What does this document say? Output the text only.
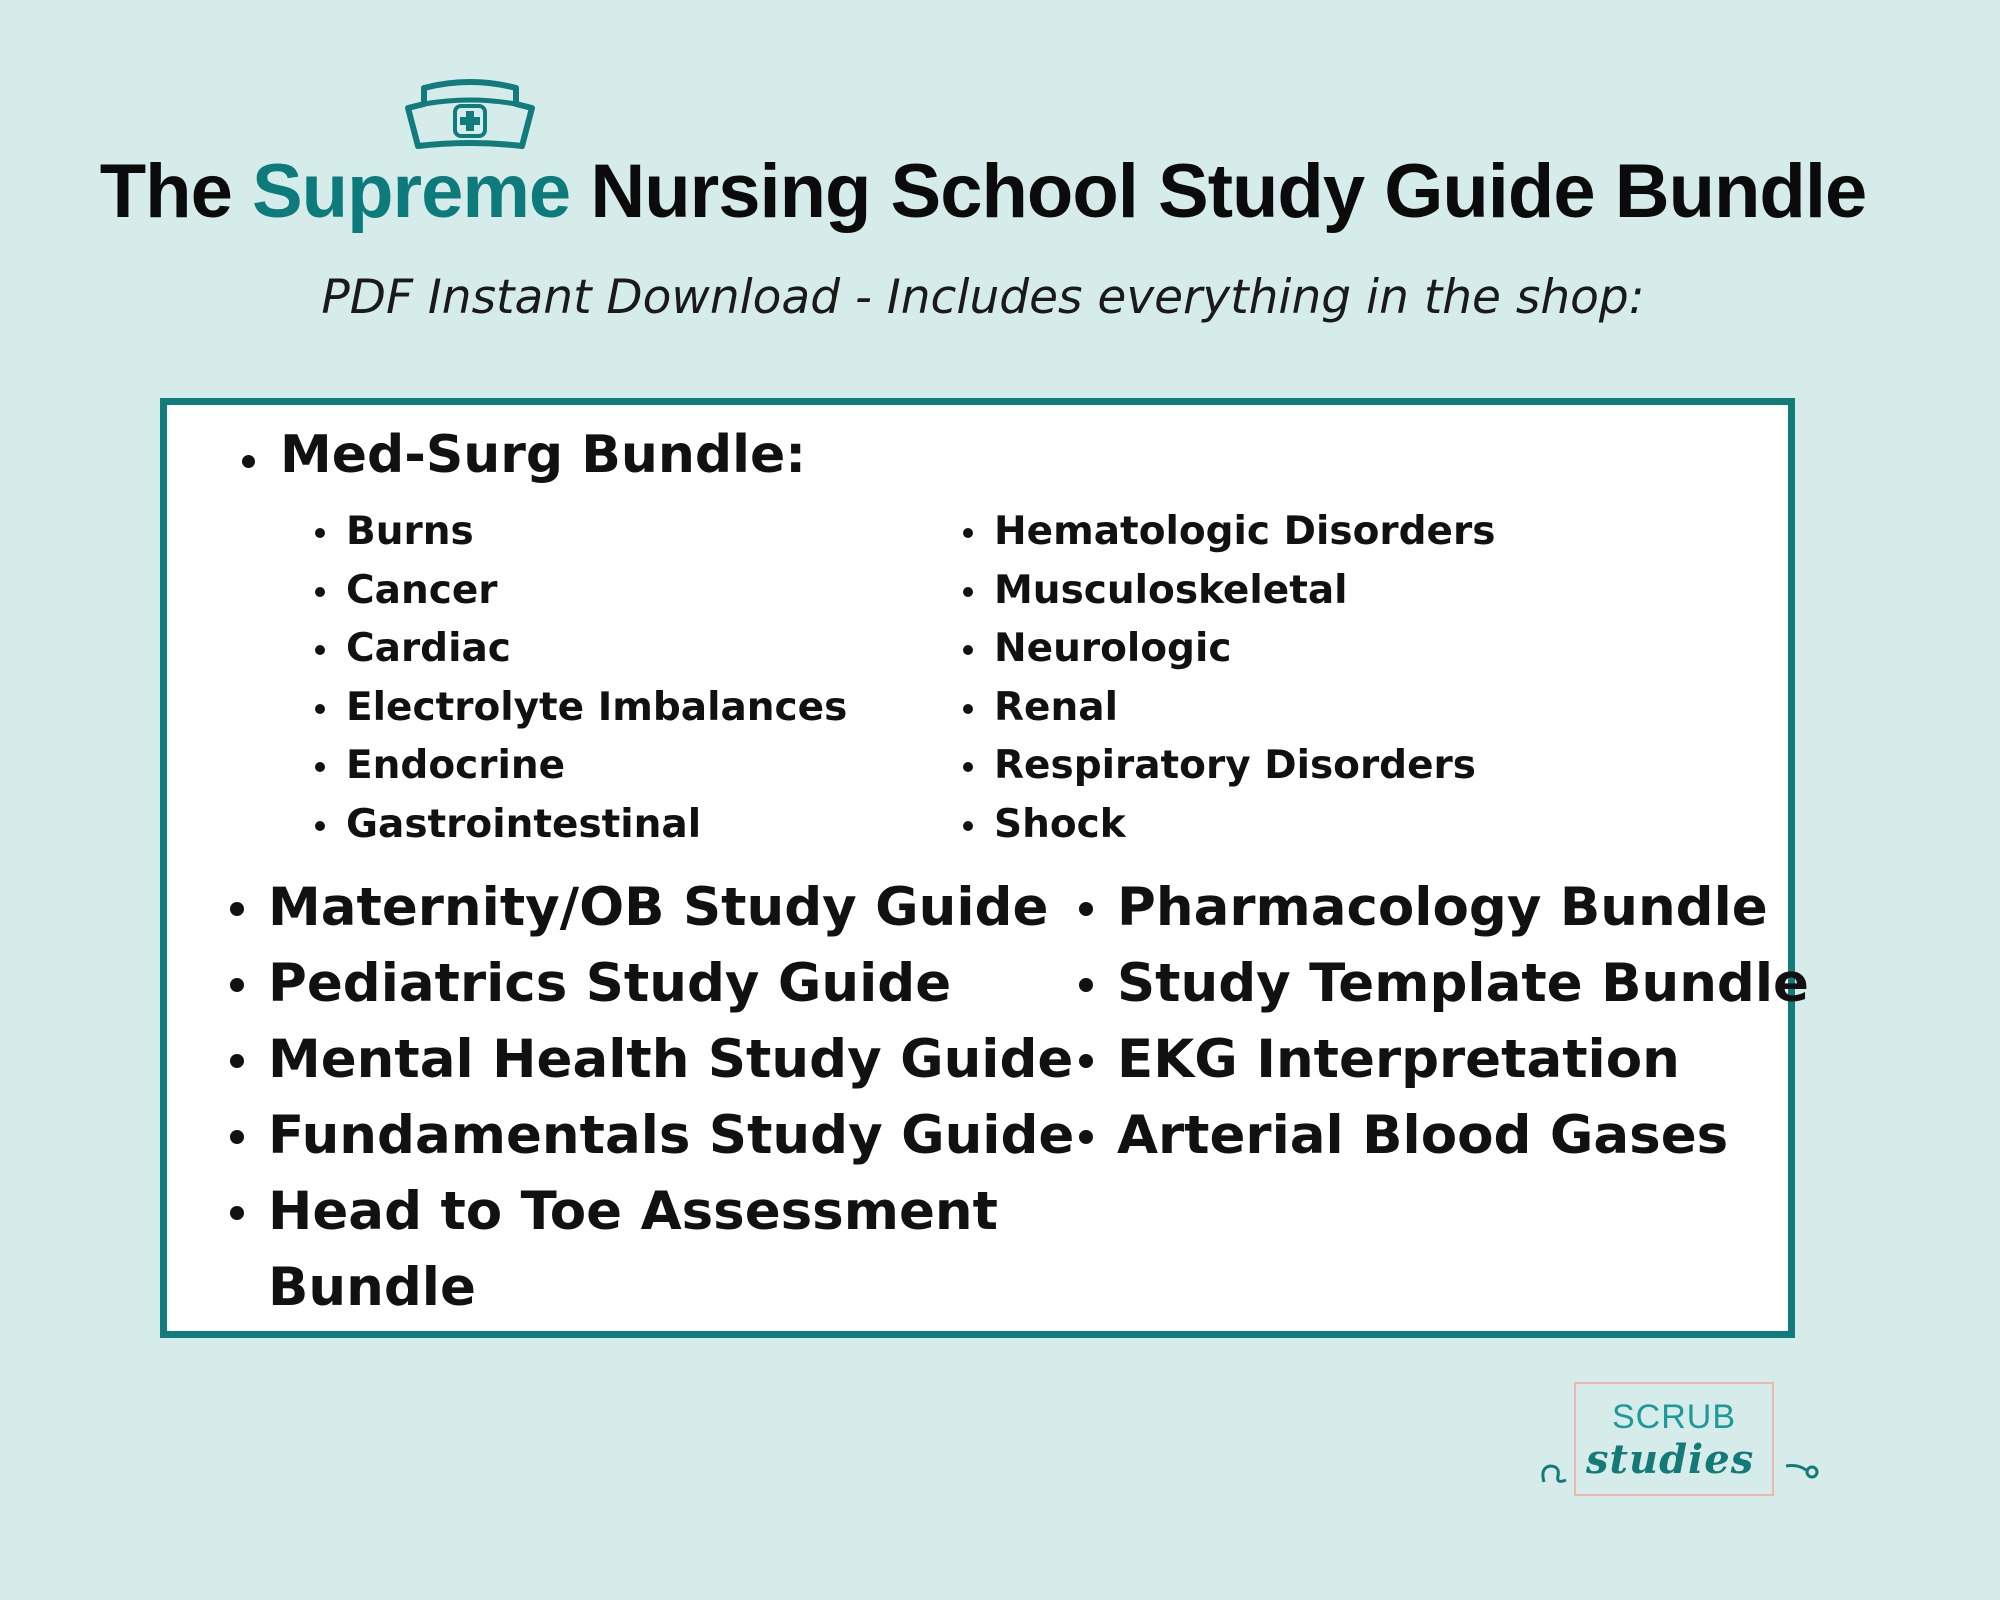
The Supreme Nursing School Study Guide Bundle
PDF Instant Download - Includes everything in the shop:
Med-Surg Bundle:
Burns
Cancer
Cardiac
Electrolyte Imbalances
Endocrine
Gastrointestinal
Hematologic Disorders
Musculoskeletal
Neurologic
Renal
Respiratory Disorders
Shock
Maternity/OB Study Guide
Pediatrics Study Guide
Mental Health Study Guide
Fundamentals Study Guide
Head to Toe Assessment
Bundle
Pharmacology Bundle
Study Template Bundle
EKG Interpretation
Arterial Blood Gases
SCRUB
studies
